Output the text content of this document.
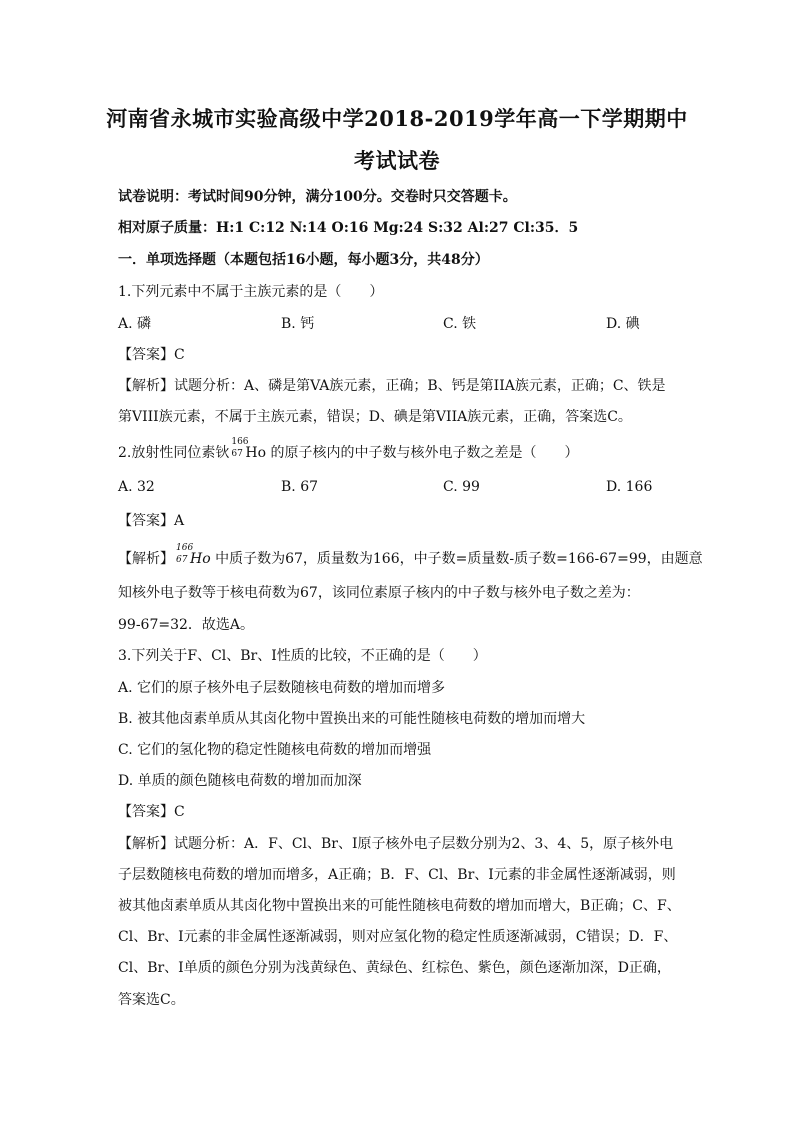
河南省永城市实验高级中学2018-2019学年高一下学期期中
考试试卷
试卷说明：考试时间90分钟，满分100分。交卷时只交答题卡。
相对原子质量：H:1 C:12 N:14 O:16 Mg:24 S:32 Al:27 Cl:35．5
一．单项选择题（本题包括16小题，每小题3分，共48分）
1.下列元素中不属于主族元素的是（　　）
A. 磷	B. 钙	C. 铁	D. 碘
【答案】C
【解析】试题分析：A、磷是第VA族元素，正确；B、钙是第IIA族元素，正确；C、铁是
第VIII族元素，不属于主族元素，错误；D、碘是第VIIA族元素，正确，答案选C。
2.放射性同位素钬
166
67 Ho 的原子核内的中子数与核外电子数之差是（　　）
A. 32	B. 67	C. 99	D. 166
【答案】A
【解析】
166
67 Ho 中质子数为67，质量数为166，中子数=质量数-质子数=166-67=99，由题意
知核外电子数等于核电荷数为67，该同位素原子核内的中子数与核外电子数之差为：
99-67=32．故选A。
3.下列关于F、Cl、Br、I性质的比较，不正确的是（　　）
A. 它们的原子核外电子层数随核电荷数的增加而增多
B. 被其他卤素单质从其卤化物中置换出来的可能性随核电荷数的增加而增大
C. 它们的氢化物的稳定性随核电荷数的增加而增强
D. 单质的颜色随核电荷数的增加而加深
【答案】C
【解析】试题分析：A．F、Cl、Br、I原子核外电子层数分别为2、3、4、5，原子核外电
子层数随核电荷数的增加而增多，A正确；B．F、Cl、Br、I元素的非金属性逐渐减弱，则
被其他卤素单质从其卤化物中置换出来的可能性随核电荷数的增加而增大，B正确；C、F、
Cl、Br、I元素的非金属性逐渐减弱，则对应氢化物的稳定性质逐渐减弱，C错误；D．F、
Cl、Br、I单质的颜色分别为浅黄绿色、黄绿色、红棕色、紫色，颜色逐渐加深，D正确，
答案选C。
